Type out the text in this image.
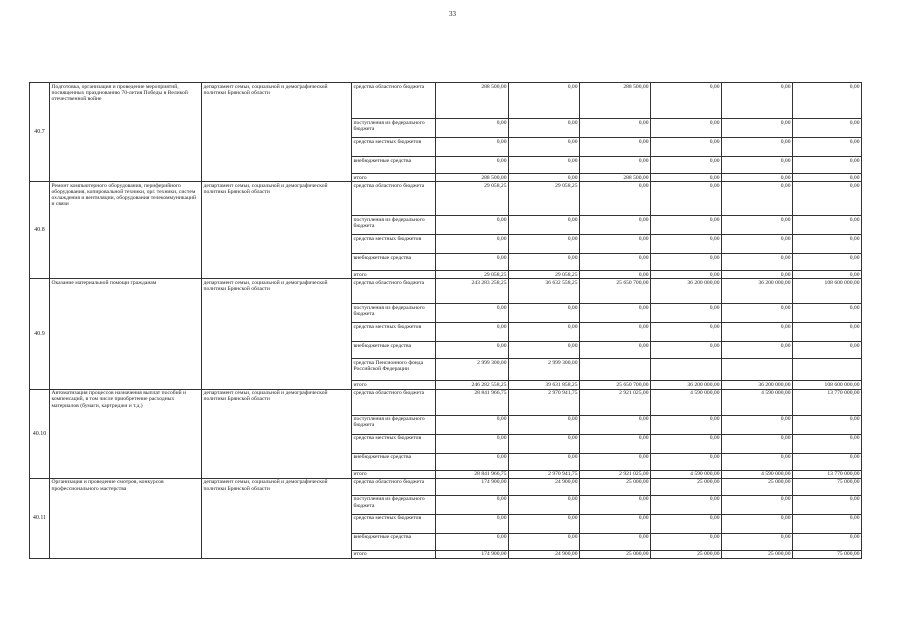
33
40.7	Подготовка, организация и проведение мероприятий, посвященных празднованию 70-летия Победы в Великой отечественной войне	департамент семьи, социальной и демографической политики Брянской области	средства областного бюджета	288 500,00	0,00	288 500,00	0,00	0,00	0,00
			поступления из федерального бюджета	0,00	0,00	0,00	0,00	0,00	0,00
			средства местных бюджетов	0,00	0,00	0,00	0,00	0,00	0,00
			внебюджетные средства	0,00	0,00	0,00	0,00	0,00	0,00
			итого	288 500,00	0,00	288 500,00	0,00	0,00	0,00
40.8	Ремонт компьютерного оборудования, периферийного оборудования, копировальной техники, орг. техники, систем охлаждения и вентиляции, оборудования телекоммуникаций и связи	департамент семьи, социальной и демографической политики Брянской области	средства областного бюджета	29 058,25	29 058,25	0,00	0,00	0,00	0,00
			поступления из федерального бюджета	0,00	0,00	0,00	0,00	0,00	0,00
			средства местных бюджетов	0,00	0,00	0,00	0,00	0,00	0,00
			внебюджетные средства	0,00	0,00	0,00	0,00	0,00	0,00
			итого	29 058,25	29 058,25	0,00	0,00	0,00	0,00
40.9	Оказание материальной помощи гражданам	департамент семьи, социальной и демографической политики Брянской области	средства областного бюджета	243 283 258,25	36 632 558,25	25 650 700,00	36 200 000,00	36 200 000,00	108 600 000,00
			поступления из федерального бюджета	0,00	0,00	0,00	0,00	0,00	0,00
			средства местных бюджетов	0,00	0,00	0,00	0,00	0,00	0,00
			внебюджетные средства	0,00	0,00	0,00	0,00	0,00	0,00
			средства Пенсионного фонда Российской Федерации	2 999 300,00	2 999 300,00				
			итого	246 282 558,25	39 631 858,25	25 650 700,00	36 200 000,00	36 200 000,00	108 600 000,00
40.10	Автоматизация процессов назначения выплат пособий и компенсаций, в том числе приобретение расходных материалов (бумаги, картриджи и т.д.)	департамент семьи, социальной и демографической политики Брянской области	средства областного бюджета	28 841 966,75	2 970 941,75	2 921 025,00	4 590 000,00	4 590 000,00	13 770 000,00
			поступления из федерального бюджета	0,00	0,00	0,00	0,00	0,00	0,00
			средства местных бюджетов	0,00	0,00	0,00	0,00	0,00	0,00
			внебюджетные средства	0,00	0,00	0,00	0,00	0,00	0,00
			итого	28 841 966,75	2 970 941,75	2 921 025,00	4 590 000,00	4 590 000,00	13 770 000,00
40.11	Организация и проведение смотров, конкурсов профессионального мастерства	департамент семьи, социальной и демографической политики Брянской области	средства областного бюджета	174 900,00	24 900,00	25 000,00	25 000,00	25 000,00	75 000,00
			поступления из федерального бюджета	0,00	0,00	0,00	0,00	0,00	0,00
			средства местных бюджетов	0,00	0,00	0,00	0,00	0,00	0,00
			внебюджетные средства	0,00	0,00	0,00	0,00	0,00	0,00
			итого	174 900,00	24 900,00	25 000,00	25 000,00	25 000,00	75 000,00
